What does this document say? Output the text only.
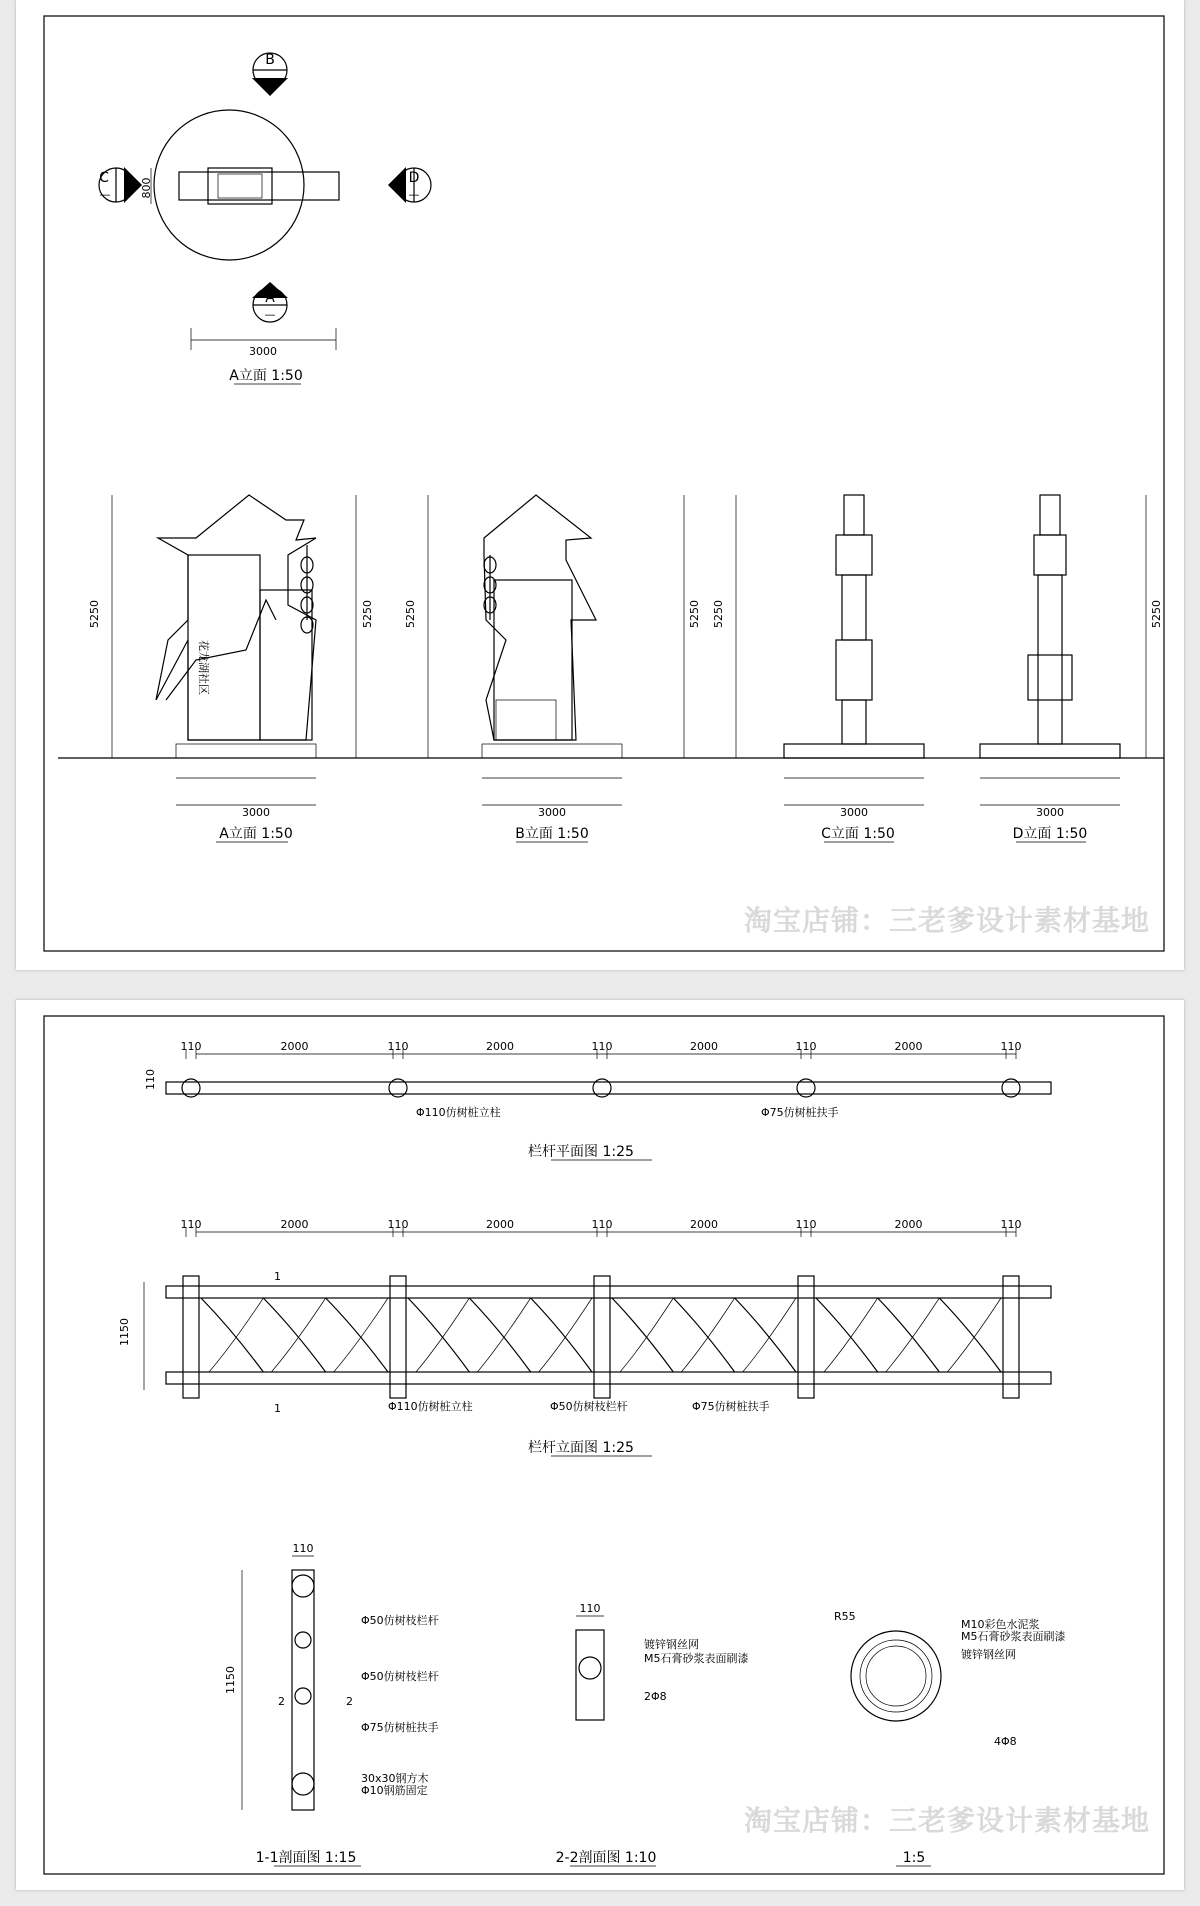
B
—
A
—
C
—
D
—
3000
800
A立面 1:50
花龙湖社区
A立面 1:50
3000
5250	5250
3000
B立面 1:50
5250	5250
3000
C立面 1:50
5250
3000
D立面 1:50
5250
淘宝店铺：三老爹设计素材基地
110	2000	110	2000	110	2000	110	2000	110
110
Φ110仿树桩立柱	Φ75仿树桩扶手
栏杆平面图 1:25
110	2000	110	2000	110	2000	110	2000	110
1150
1
1	Φ110仿树桩立柱	Φ50仿树枝栏杆	Φ75仿树桩扶手
栏杆立面图 1:25
110
1150
2	2
Φ50仿树枝栏杆
Φ50仿树枝栏杆
Φ75仿树桩扶手
30x30钢方木
Φ10钢筋固定
1-1剖面图 1:15
110
镀锌钢丝网
M5石膏砂浆表面刷漆
2Φ8
2-2剖面图 1:10
R55
M10彩色水泥浆
M5石膏砂浆表面刷漆
镀锌钢丝网
4Φ8
1:5
淘宝店铺：三老爹设计素材基地
